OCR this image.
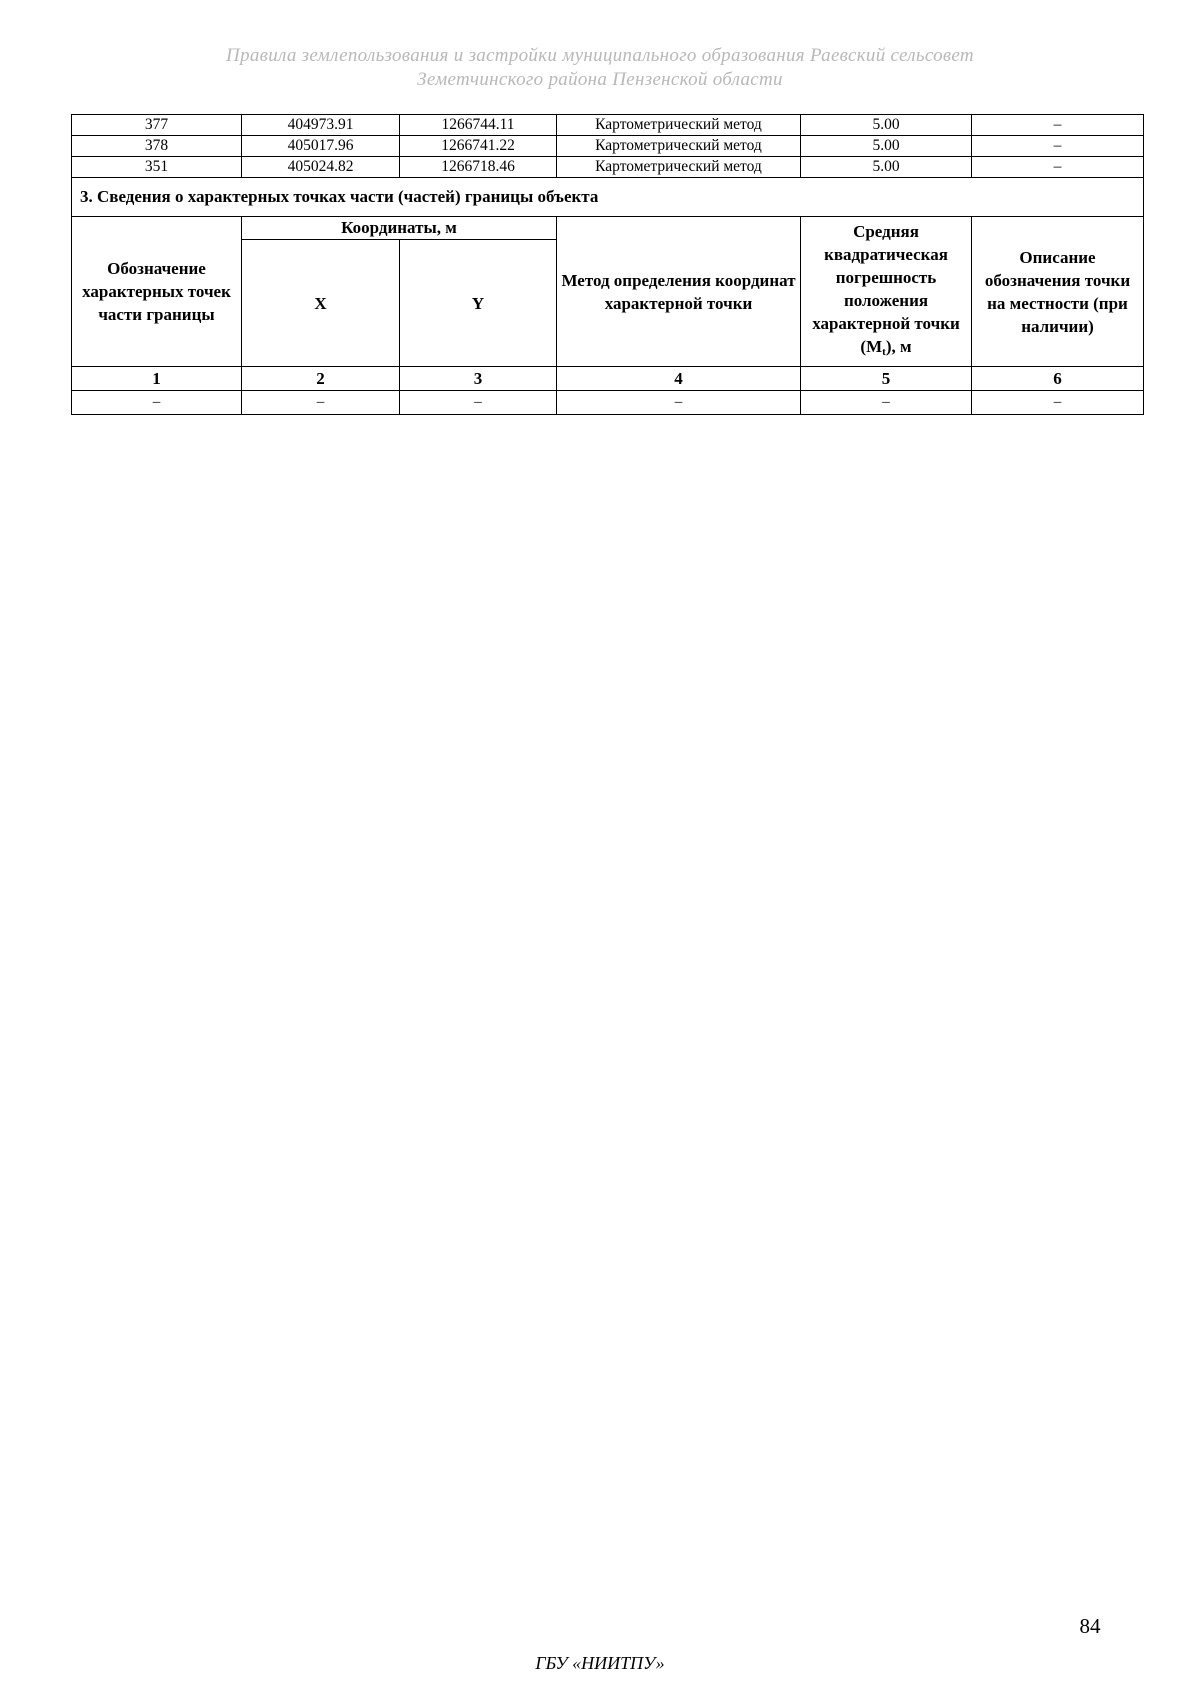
Правила землепользования и застройки муниципального образования Раевский сельсовет
Земетчинского района Пензенской области
377	404973.91	1266744.11	Картометрический метод	5.00	–
378	405017.96	1266741.22	Картометрический метод	5.00	–
351	405024.82	1266718.46	Картометрический метод	5.00	–
3. Сведения о характерных точках части (частей) границы объекта					
Обозначение характерных точек части границы	Координаты, м		Метод определения координат характерной точки	Средняя квадратическая погрешность положения характерной точки $(M_t)$, м	Описание обозначения точки на местности (при наличии)
	X	Y			
1	2	3	4	5	6
–	–	–	–	–	–
84
ГБУ «НИИТПУ»
